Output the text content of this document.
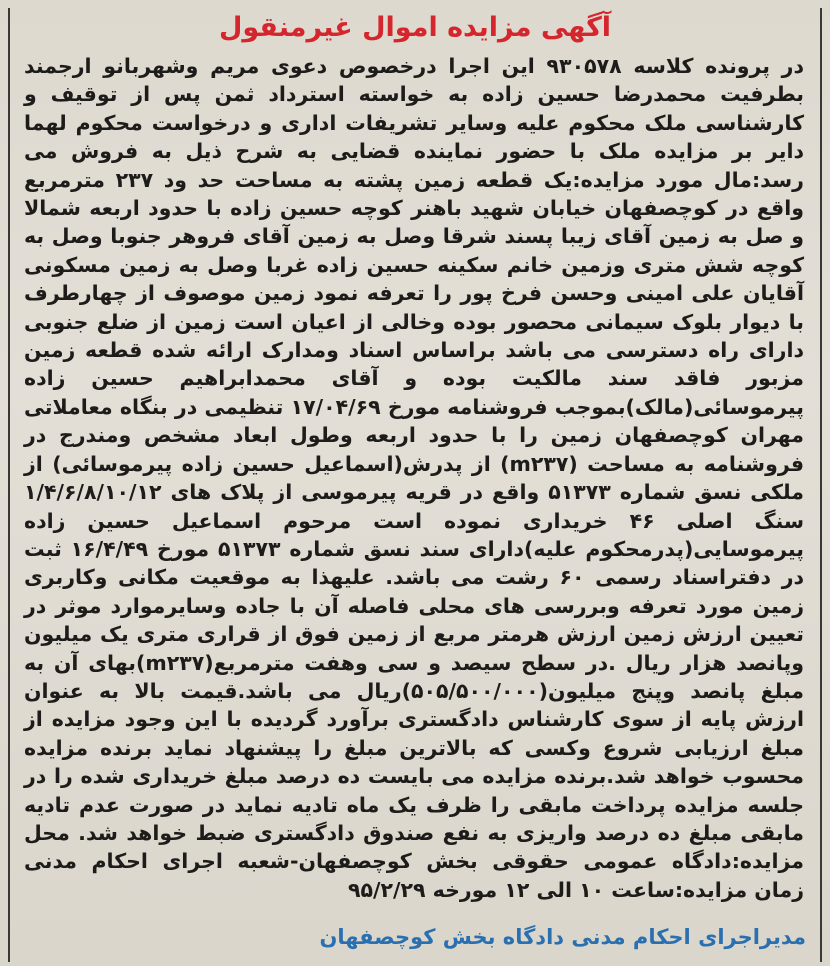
آگهی مزایده اموال غیرمنقول
در پرونده کلاسه ۹۳۰۵۷۸ این اجرا درخصوص دعوی مریم وشهربانو ارجمند بطرفیت محمدرضا حسین زاده به خواسته استرداد ثمن پس از توقیف و کارشناسی ملک محکوم علیه وسایر تشریفات اداری و درخواست محکوم لهما دایر بر مزایده ملک با حضور نماینده قضایی به شرح ذیل به فروش می رسد:مال مورد مزایده:یک قطعه زمین پشته به مساحت حد ود ۲۳۷ مترمربع واقع در کوچصفهان خیابان شهید باهنر کوچه حسین زاده با حدود اربعه شمالا و صل به زمین آقای زیبا پسند شرقا وصل به زمین آقای فروهر جنوبا وصل به کوچه شش متری وزمین خانم سکینه حسین زاده غربا وصل به زمین مسکونی آقایان علی امینی وحسن فرخ پور را تعرفه نمود زمین موصوف از چهارطرف با دیوار بلوک سیمانی محصور بوده وخالی از اعیان است زمین از ضلع جنوبی دارای راه دسترسی می باشد براساس اسناد ومدارک ارائه شده قطعه زمین مزبور فاقد سند مالکیت بوده و آقای محمدابراهیم حسین زاده پیرموسائی(مالک)بموجب فروشنامه مورخ ۱۷/۰۴/۶۹ تنظیمی در بنگاه معاملاتی مهران کوچصفهان زمین را با حدود اربعه وطول ابعاد مشخص ومندرج در فروشنامه به مساحت (m۲۳۷) از پدرش(اسماعیل حسین زاده پیرموسائی) از ملکی نسق شماره ۵۱۳۷۳ واقع در قریه پیرموسی از پلاک های ۱/۴/۶/۸/۱۰/۱۲ سنگ اصلی ۴۶ خریداری نموده است مرحوم اسماعیل حسین زاده پیرموسایی(پدرمحکوم علیه)دارای سند نسق شماره ۵۱۳۷۳ مورخ ۱۶/۴/۴۹ ثبت در دفتراسناد رسمی ۶۰ رشت می باشد. علیهذا به موقعیت مکانی وکاربری زمین مورد تعرفه وبررسی های محلی فاصله آن با جاده وسایرموارد موثر در تعیین ارزش زمین ارزش هرمتر مربع از زمین فوق از قراری متری یک میلیون وپانصد هزار ریال .در سطح سیصد و سی وهفت مترمربع(m۲۳۷)بهای آن به مبلغ پانصد وپنج میلیون(۵۰۵/۵۰۰/۰۰۰)ریال می باشد.قیمت بالا به عنوان ارزش پایه از سوی کارشناس دادگستری برآورد گردیده با این وجود مزایده از مبلغ ارزیابی شروع وکسی که بالاترین مبلغ را پیشنهاد نماید برنده مزایده محسوب خواهد شد.برنده مزایده می بایست ده درصد مبلغ خریداری شده را در جلسه مزایده پرداخت مابقی را ظرف یک ماه تادیه نماید در صورت عدم تادیه مابقی مبلغ ده درصد واریزی به نفع صندوق دادگستری ضبط خواهد شد. محل مزایده:دادگاه عمومی حقوقی بخش کوچصفهان-شعبه اجرای احکام مدنی زمان مزایده:ساعت ۱۰ الی ۱۲ مورخه ۹۵/۲/۲۹
مدیراجرای احکام مدنی دادگاه بخش کوچصفهان
